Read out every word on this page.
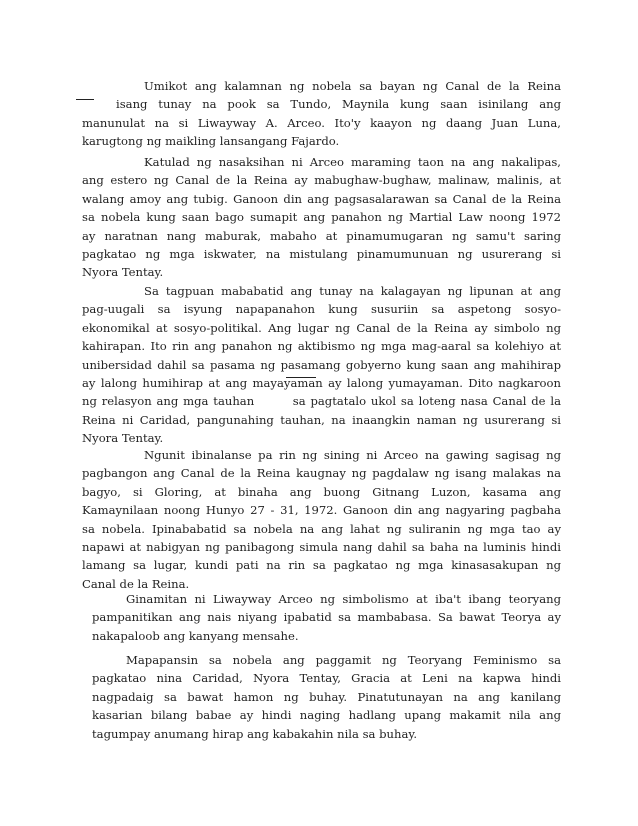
Umikot ang kalamnan ng nobela sa bayan ng Canal de la Reina
isang tunay na pook sa Tundo, Maynila kung saan isinilang ang
manunulat na si Liwayway A. Arceo. Ito'y kaayon ng daang Juan Luna,
karugtong ng maikling lansangang Fajardo.
Katulad ng nasaksihan ni Arceo maraming taon na ang nakalipas,
ang estero ng Canal de la Reina ay mabughaw-bughaw, malinaw, malinis, at
walang amoy ang tubig. Ganoon din ang pagsasalarawan sa Canal de la Reina
sa nobela kung saan bago sumapit ang panahon ng Martial Law noong 1972
ay naratnan nang maburak, mabaho at pinamumugaran ng samu't saring
pagkatao ng mga iskwater, na mistulang pinamumunuan ng usurerang si
Nyora Tentay.
Sa tagpuan mababatid ang tunay na kalagayan ng lipunan at ang
pag-uugali sa isyung napapanahon kung susuriin sa aspetong sosyo-
ekonomikal at sosyo-politikal. Ang lugar ng Canal de la Reina ay simbolo ng
kahirapan. Ito rin ang panahon ng aktibismo ng mga mag-aaral sa kolehiyo at
unibersidad dahil sa pasama ng pasamang gobyerno kung saan ang mahihirap
ay lalong humihirap at ang mayayaman ay lalong yumayaman. Dito nagkaroon
ng relasyon ang mga tauhan        sa pagtatalo ukol sa loteng nasa Canal de la
Reina ni Caridad, pangunahing tauhan, na inaangkin naman ng usurerang si
Nyora Tentay.
Ngunit ibinalanse pa rin ng sining ni Arceo na gawing sagisag ng
pagbangon ang Canal de la Reina kaugnay ng pagdalaw ng isang malakas na
bagyo, si Gloring, at binaha ang buong Gitnang Luzon, kasama ang
Kamaynilaan noong Hunyo 27 - 31, 1972. Ganoon din ang nagyaring pagbaha
sa nobela. Ipinababatid sa nobela na ang lahat ng suliranin ng mga tao ay
napawi at nabigyan ng panibagong simula nang dahil sa baha na luminis hindi
lamang sa lugar, kundi pati na rin sa pagkatao ng mga kinasasakupan ng
Canal de la Reina.
Ginamitan ni Liwayway Arceo ng simbolismo at iba't ibang teoryang
pampanitikan ang nais niyang ipabatid sa mambabasa. Sa bawat Teorya ay
nakapaloob ang kanyang mensahe.
Mapapansin sa nobela ang paggamit ng Teoryang Feminismo sa
pagkatao nina Caridad, Nyora Tentay, Gracia at Leni na kapwa hindi
nagpadaig sa bawat hamon ng buhay. Pinatutunayan na ang kanilang
kasarian bilang babae ay hindi naging hadlang upang makamit nila ang
tagumpay anumang hirap ang kabakahin nila sa buhay.
